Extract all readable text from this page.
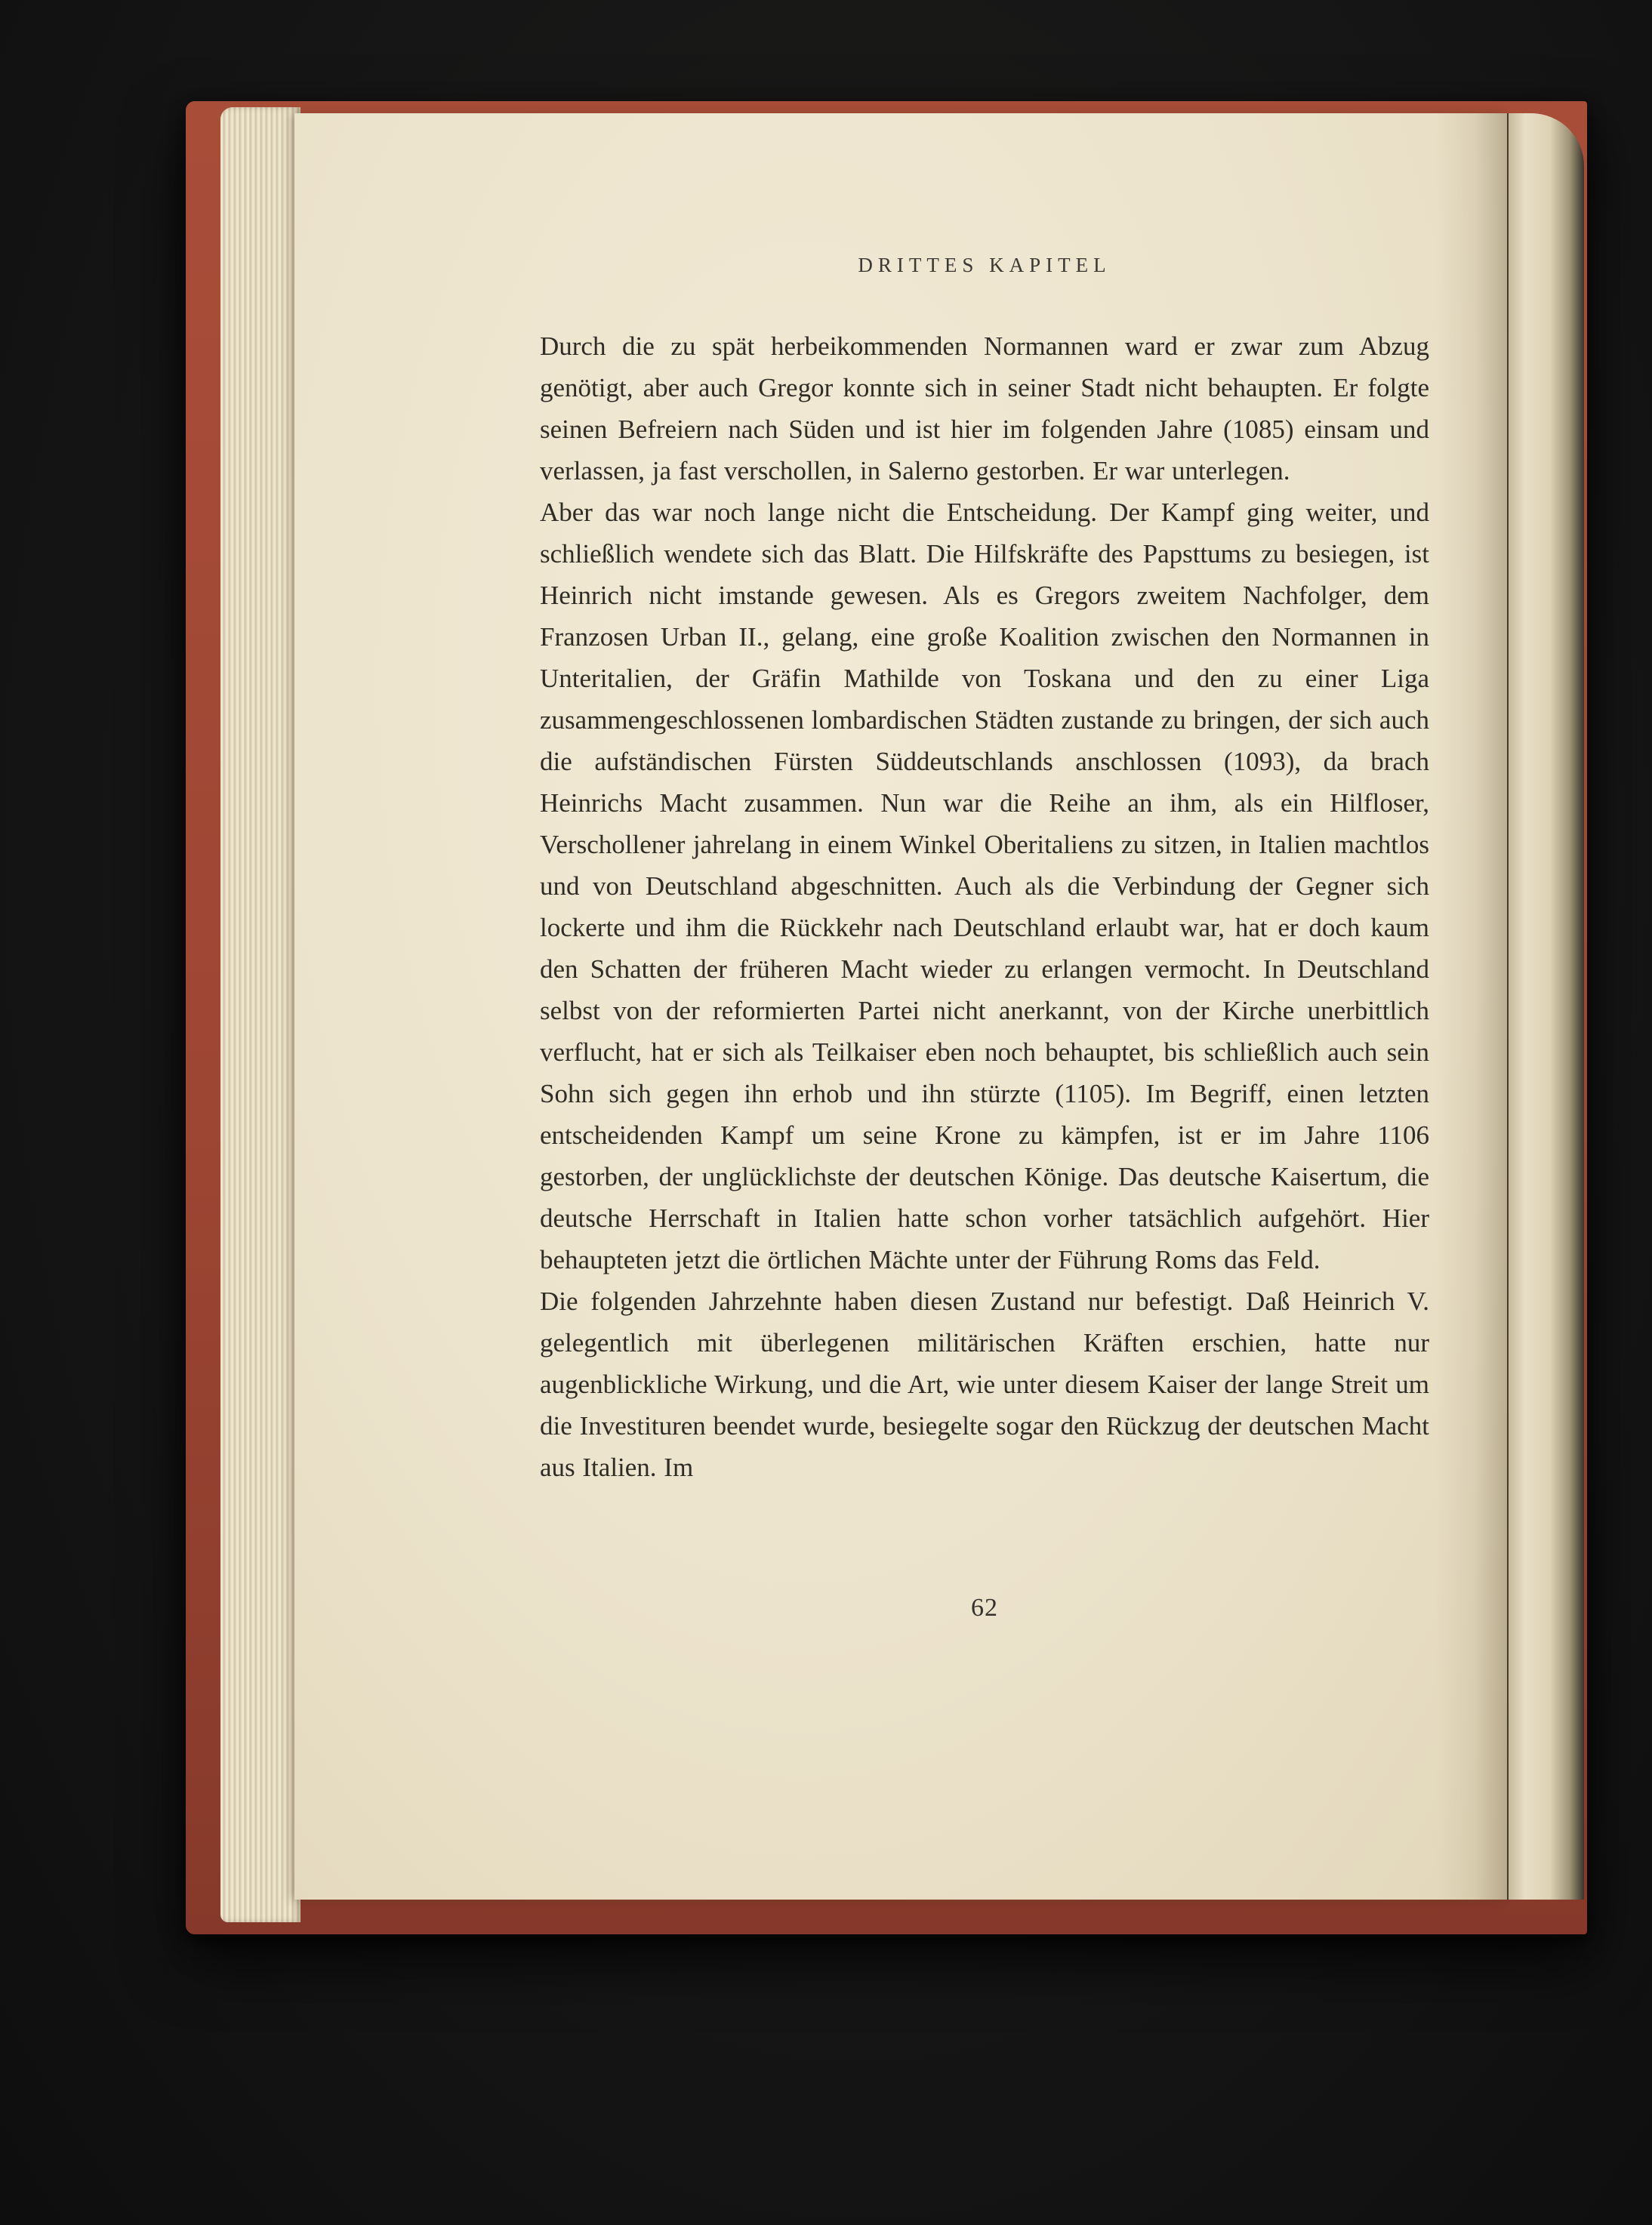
DRITTES KAPITEL

Durch die zu spät herbeikommenden Normannen ward er zwar zum Abzug genötigt, aber auch Gregor konnte sich in seiner Stadt nicht behaupten. Er folgte seinen Befreiern nach Süden und ist hier im folgenden Jahre (1085) einsam und verlassen, ja fast verschollen, in Salerno gestorben. Er war unterlegen.

Aber das war noch lange nicht die Entscheidung. Der Kampf ging weiter, und schließlich wendete sich das Blatt. Die Hilfskräfte des Papsttums zu besiegen, ist Heinrich nicht imstande gewesen. Als es Gregors zweitem Nachfolger, dem Franzosen Urban II., gelang, eine große Koalition zwischen den Normannen in Unteritalien, der Gräfin Mathilde von Toskana und den zu einer Liga zusammengeschlossenen lombardischen Städten zustande zu bringen, der sich auch die aufständischen Fürsten Süddeutschlands anschlossen (1093), da brach Heinrichs Macht zusammen. Nun war die Reihe an ihm, als ein Hilfloser, Verschollener jahrelang in einem Winkel Oberitaliens zu sitzen, in Italien machtlos und von Deutschland abgeschnitten. Auch als die Verbindung der Gegner sich lockerte und ihm die Rückkehr nach Deutschland erlaubt war, hat er doch kaum den Schatten der früheren Macht wieder zu erlangen vermocht. In Deutschland selbst von der reformierten Partei nicht anerkannt, von der Kirche unerbittlich verflucht, hat er sich als Teilkaiser eben noch behauptet, bis schließlich auch sein Sohn sich gegen ihn erhob und ihn stürzte (1105). Im Begriff, einen letzten entscheidenden Kampf um seine Krone zu kämpfen, ist er im Jahre 1106 gestorben, der unglücklichste der deutschen Könige. Das deutsche Kaisertum, die deutsche Herrschaft in Italien hatte schon vorher tatsächlich aufgehört. Hier behaupteten jetzt die örtlichen Mächte unter der Führung Roms das Feld.

Die folgenden Jahrzehnte haben diesen Zustand nur befestigt. Daß Heinrich V. gelegentlich mit überlegenen militärischen Kräften erschien, hatte nur augenblickliche Wirkung, und die Art, wie unter diesem Kaiser der lange Streit um die Investituren beendet wurde, besiegelte sogar den Rückzug der deutschen Macht aus Italien. Im

62
